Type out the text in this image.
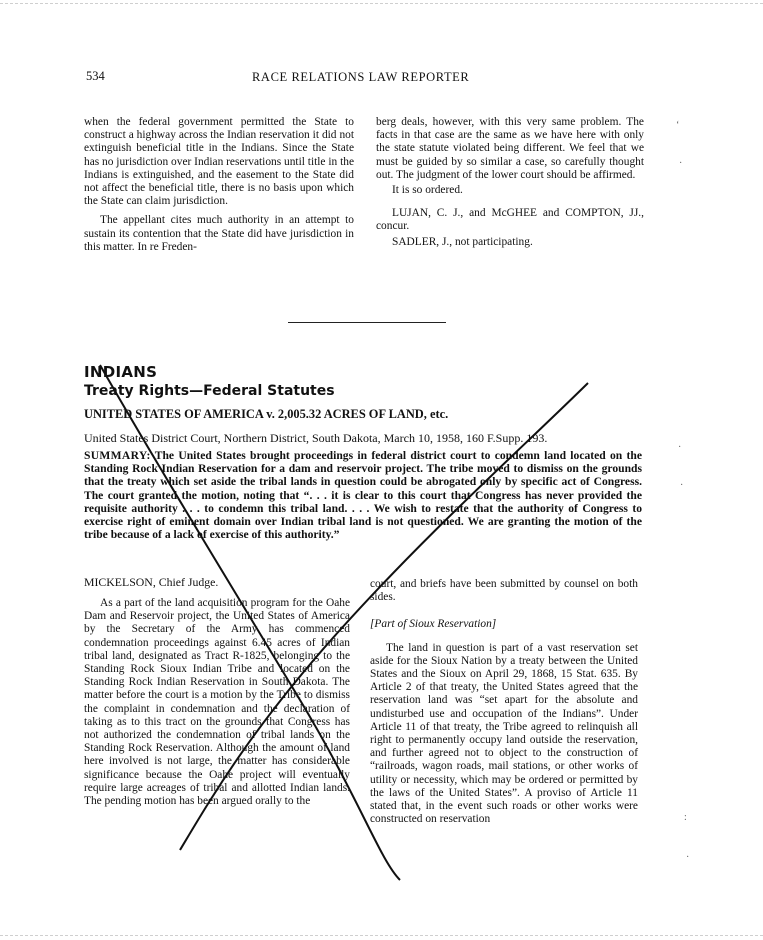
534	RACE RELATIONS LAW REPORTER

when the federal government permitted the State to construct a highway across the Indian reservation it did not extinguish beneficial title in the Indians. Since the State has no jurisdiction over Indian reservations until title in the Indians is extinguished, and the easement to the State did not affect the beneficial title, there is no basis upon which the State can claim jurisdiction.

The appellant cites much authority in an attempt to sustain its contention that the State did have jurisdiction in this matter. In re Freden-

berg deals, however, with this very same problem. The facts in that case are the same as we have here with only the state statute violated being different. We feel that we must be guided by so similar a case, so carefully thought out. The judgment of the lower court should be affirmed.

It is so ordered.

LUJAN, C. J., and McGHEE and COMPTON, JJ., concur.

SADLER, J., not participating.

INDIANS
Treaty Rights—Federal Statutes
UNITED STATES OF AMERICA v. 2,005.32 ACRES OF LAND, etc.
United States District Court, Northern District, South Dakota, March 10, 1958, 160 F.Supp. 193.
SUMMARY: The United States brought proceedings in federal district court to condemn land located on the Standing Rock Indian Reservation for a dam and reservoir project. The tribe moved to dismiss on the grounds that the treaty which set aside the tribal lands in question could be abrogated only by specific act of Congress. The court granted the motion, noting that “. . . it is clear to this court that Congress has never provided the requisite authority . . . to condemn this tribal land. . . . We wish to restate that the authority of Congress to exercise right of eminent domain over Indian tribal land is not questioned. We are granting the motion of the tribe because of a lack of exercise of this authority.”
MICKELSON, Chief Judge.

As a part of the land acquisition program for the Oahe Dam and Reservoir project, the United States of America by the Secretary of the Army has commenced condemnation proceedings against 6.45 acres of Indian tribal land, designated as Tract R-1825, belonging to the Standing Rock Sioux Indian Tribe and located on the Standing Rock Indian Reservation in South Dakota. The matter before the court is a motion by the Tribe to dismiss the complaint in condemnation and the declaration of taking as to this tract on the grounds that Congress has not authorized the condemnation of tribal lands on the Standing Rock Reservation. Although the amount of land here involved is not large, the matter has considerable significance because the Oahe project will eventually require large acreages of tribal and allotted Indian lands. The pending motion has been argued orally to the

court, and briefs have been submitted by counsel on both sides.

[Part of Sioux Reservation]

The land in question is part of a vast reservation set aside for the Sioux Nation by a treaty between the United States and the Sioux on April 29, 1868, 15 Stat. 635. By Article 2 of that treaty, the United States agreed that the reservation land was “set apart for the absolute and undisturbed use and occupation of the Indians”. Under Article 11 of that treaty, the Tribe agreed to relinquish all right to permanently occupy land outside the reservation, and further agreed not to object to the construction of “railroads, wagon roads, mail stations, or other works of utility or necessity, which may be ordered or permitted by the laws of the United States”. A proviso of Article 11 stated that, in the event such roads or other works were constructed on reservation

‘
·
·
·
:
·
